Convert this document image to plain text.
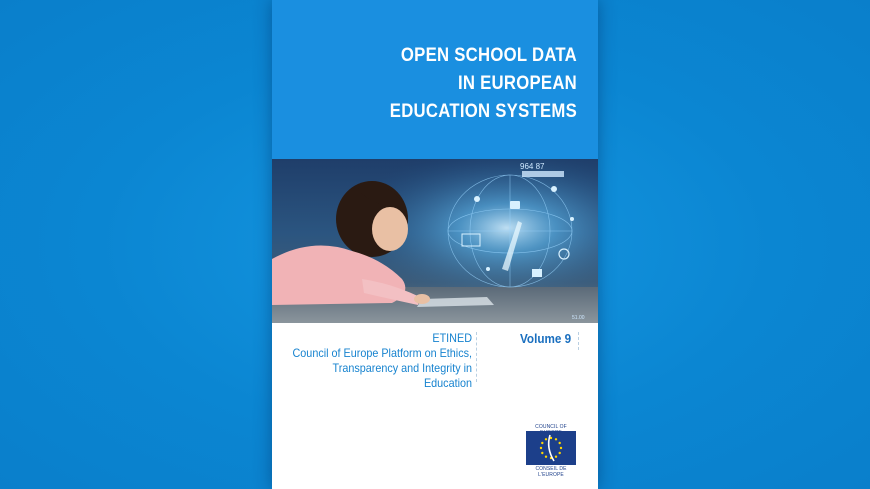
OPEN SCHOOL DATA
IN EUROPEAN
EDUCATION SYSTEMS
964 87
51.00
ETINED
Council of Europe Platform on Ethics,
Transparency and Integrity in Education
Volume 9
COUNCIL OF
CONSEIL DE L'EUROPE
